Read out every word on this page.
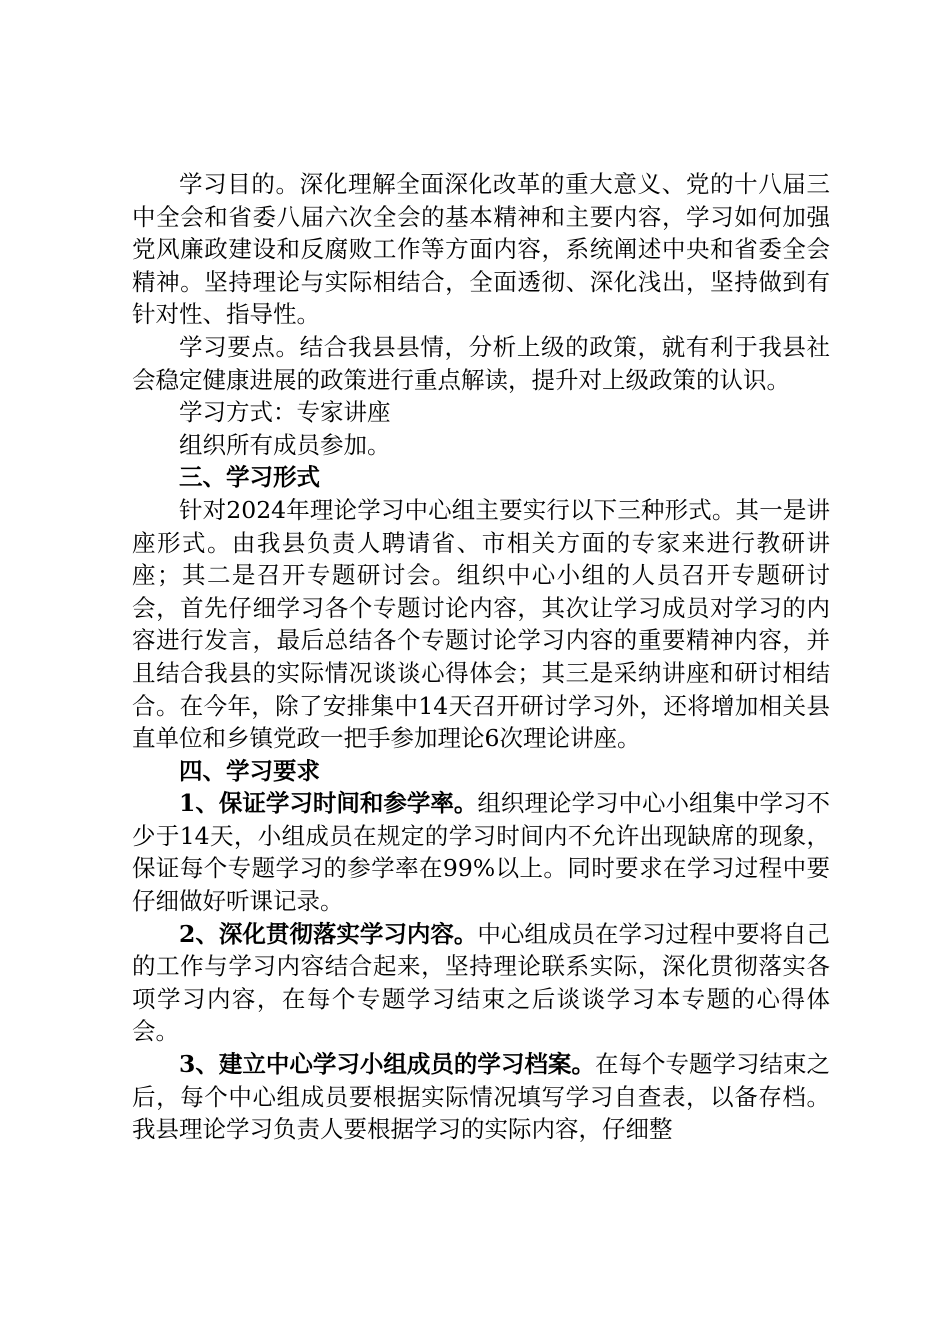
学习目的。深化理解全面深化改革的重大意义、党的十八届三中全会和省委八届六次全会的基本精神和主要内容，学习如何加强党风廉政建设和反腐败工作等方面内容，系统阐述中央和省委全会精神。坚持理论与实际相结合，全面透彻、深化浅出，坚持做到有针对性、指导性。

学习要点。结合我县县情，分析上级的政策，就有利于我县社会稳定健康进展的政策进行重点解读，提升对上级政策的认识。

学习方式：专家讲座

组织所有成员参加。

三、学习形式

针对2024年理论学习中心组主要实行以下三种形式。其一是讲座形式。由我县负责人聘请省、市相关方面的专家来进行教研讲座；其二是召开专题研讨会。组织中心小组的人员召开专题研讨会，首先仔细学习各个专题讨论内容，其次让学习成员对学习的内容进行发言，最后总结各个专题讨论学习内容的重要精神内容，并且结合我县的实际情况谈谈心得体会；其三是采纳讲座和研讨相结合。在今年，除了安排集中14天召开研讨学习外，还将增加相关县直单位和乡镇党政一把手参加理论6次理论讲座。

四、学习要求

1、保证学习时间和参学率。组织理论学习中心小组集中学习不少于14天，小组成员在规定的学习时间内不允许出现缺席的现象，保证每个专题学习的参学率在99%以上。同时要求在学习过程中要仔细做好听课记录。

2、深化贯彻落实学习内容。中心组成员在学习过程中要将自己的工作与学习内容结合起来，坚持理论联系实际，深化贯彻落实各项学习内容，在每个专题学习结束之后谈谈学习本专题的心得体会。

3、建立中心学习小组成员的学习档案。在每个专题学习结束之后，每个中心组成员要根据实际情况填写学习自查表，以备存档。我县理论学习负责人要根据学习的实际内容，仔细整
